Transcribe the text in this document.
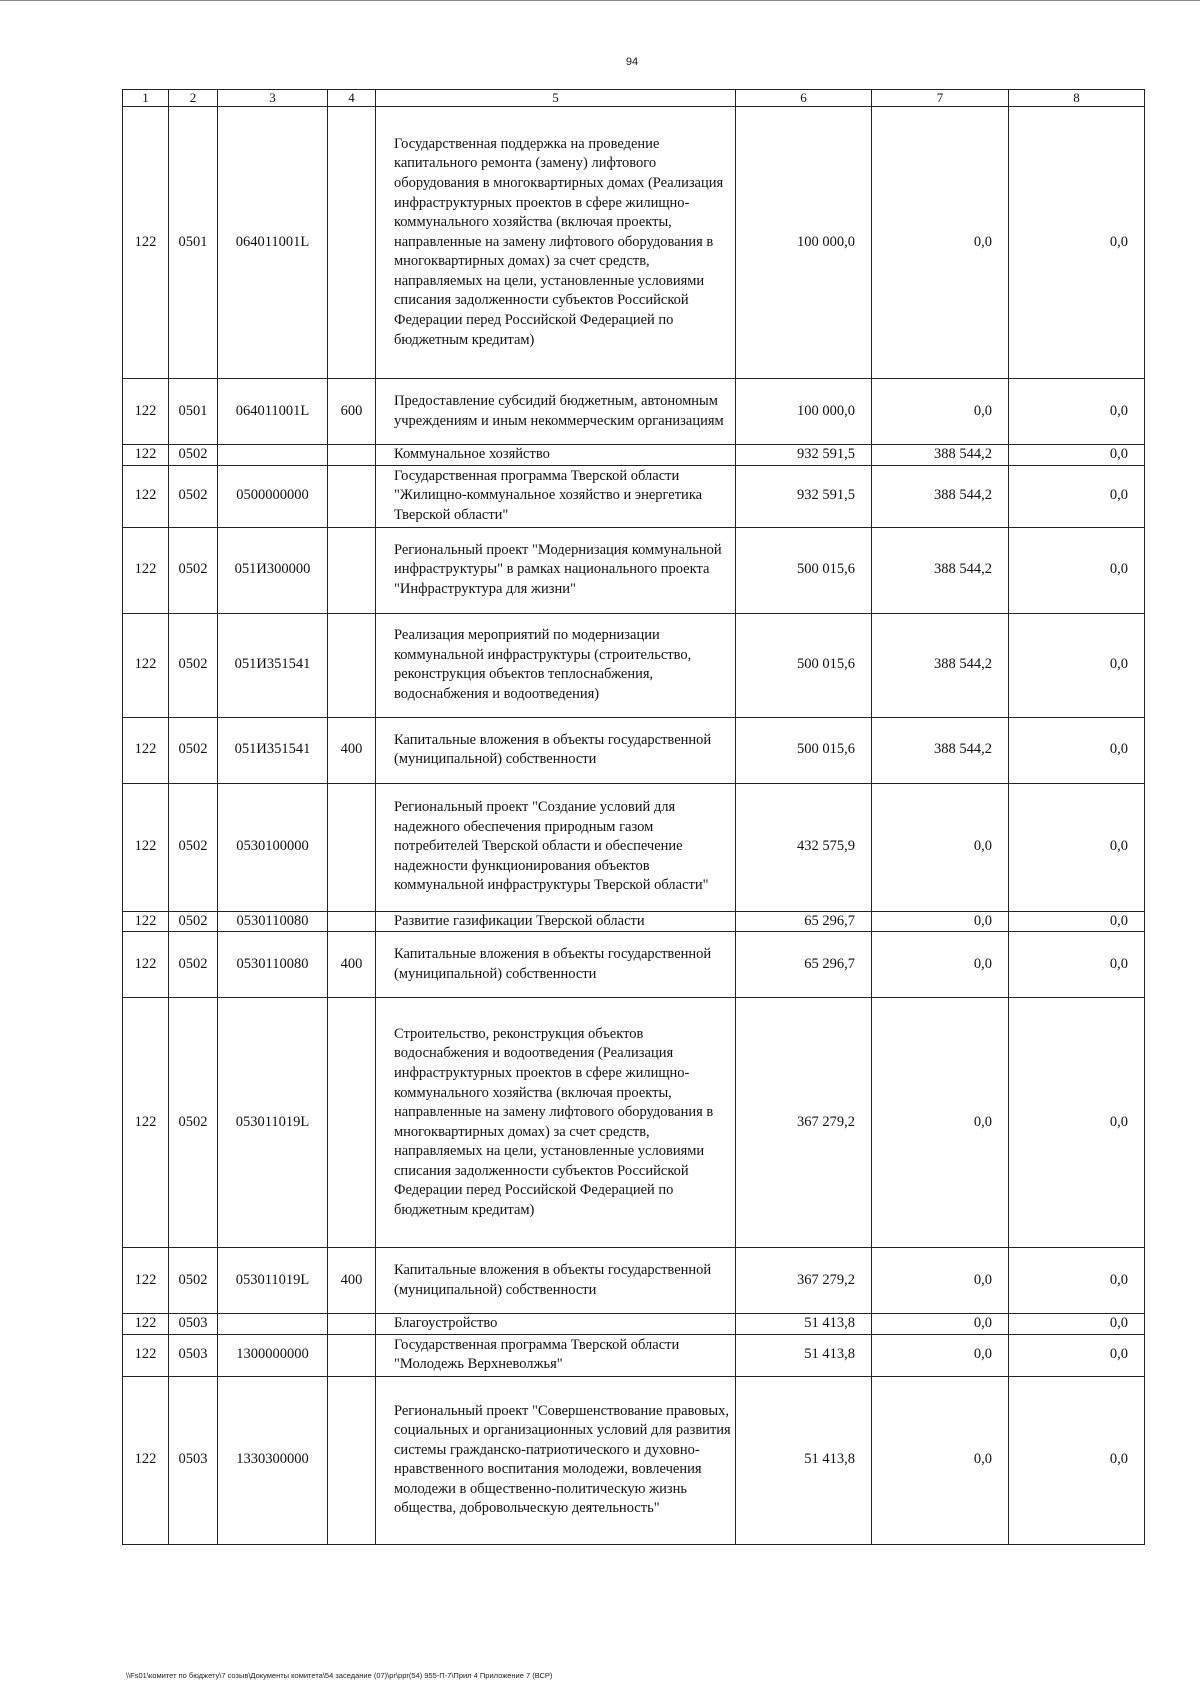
94
1	2	3	4	5	6	7	8
122	0501	064011001L		Государственная поддержка на проведение капитального ремонта (замену) лифтового оборудования в многоквартирных домах (Реализация инфраструктурных проектов в сфере жилищно-коммунального хозяйства (включая проекты, направленные на замену лифтового оборудования в многоквартирных домах) за счет средств, направляемых на цели, установленные условиями списания задолженности субъектов Российской Федерации перед Российской Федерацией по бюджетным кредитам)	100 000,0	0,0	0,0
122	0501	064011001L	600	Предоставление субсидий бюджетным, автономным учреждениям и иным некоммерческим организациям	100 000,0	0,0	0,0
122	0502			Коммунальное хозяйство	932 591,5	388 544,2	0,0
122	0502	0500000000		Государственная программа Тверской области "Жилищно-коммунальное хозяйство и энергетика Тверской области"	932 591,5	388 544,2	0,0
122	0502	051И300000		Региональный проект "Модернизация коммунальной инфраструктуры" в рамках национального проекта "Инфраструктура для жизни"	500 015,6	388 544,2	0,0
122	0502	051И351541		Реализация мероприятий по модернизации коммунальной инфраструктуры (строительство, реконструкция объектов теплоснабжения, водоснабжения и водоотведения)	500 015,6	388 544,2	0,0
122	0502	051И351541	400	Капитальные вложения в объекты государственной (муниципальной) собственности	500 015,6	388 544,2	0,0
122	0502	0530100000		Региональный проект "Создание условий для надежного обеспечения природным газом потребителей Тверской области и обеспечение надежности функционирования объектов коммунальной инфраструктуры Тверской области"	432 575,9	0,0	0,0
122	0502	0530110080		Развитие газификации Тверской области	65 296,7	0,0	0,0
122	0502	0530110080	400	Капитальные вложения в объекты государственной (муниципальной) собственности	65 296,7	0,0	0,0
122	0502	053011019L		Строительство, реконструкция объектов водоснабжения и водоотведения (Реализация инфраструктурных проектов в сфере жилищно-коммунального хозяйства (включая проекты, направленные на замену лифтового оборудования в многоквартирных домах) за счет средств, направляемых на цели, установленные условиями списания задолженности субъектов Российской Федерации перед Российской Федерацией по бюджетным кредитам)	367 279,2	0,0	0,0
122	0502	053011019L	400	Капитальные вложения в объекты государственной (муниципальной) собственности	367 279,2	0,0	0,0
122	0503			Благоустройство	51 413,8	0,0	0,0
122	0503	1300000000		Государственная программа Тверской области "Молодежь Верхневолжья"	51 413,8	0,0	0,0
122	0503	1330300000		Региональный проект "Совершенствование правовых, социальных и организационных условий для развития системы гражданско-патриотического и духовно-нравственного воспитания молодежи, вовлечения молодежи в общественно-политическую жизнь общества, добровольческую деятельность"	51 413,8	0,0	0,0
\\Fs01\комитет по бюджету\7 созыв\Документы комитета\54 заседание (07)\pr\ppr(54) 955-П-7\Прил 4 Приложение 7 (ВСР)
